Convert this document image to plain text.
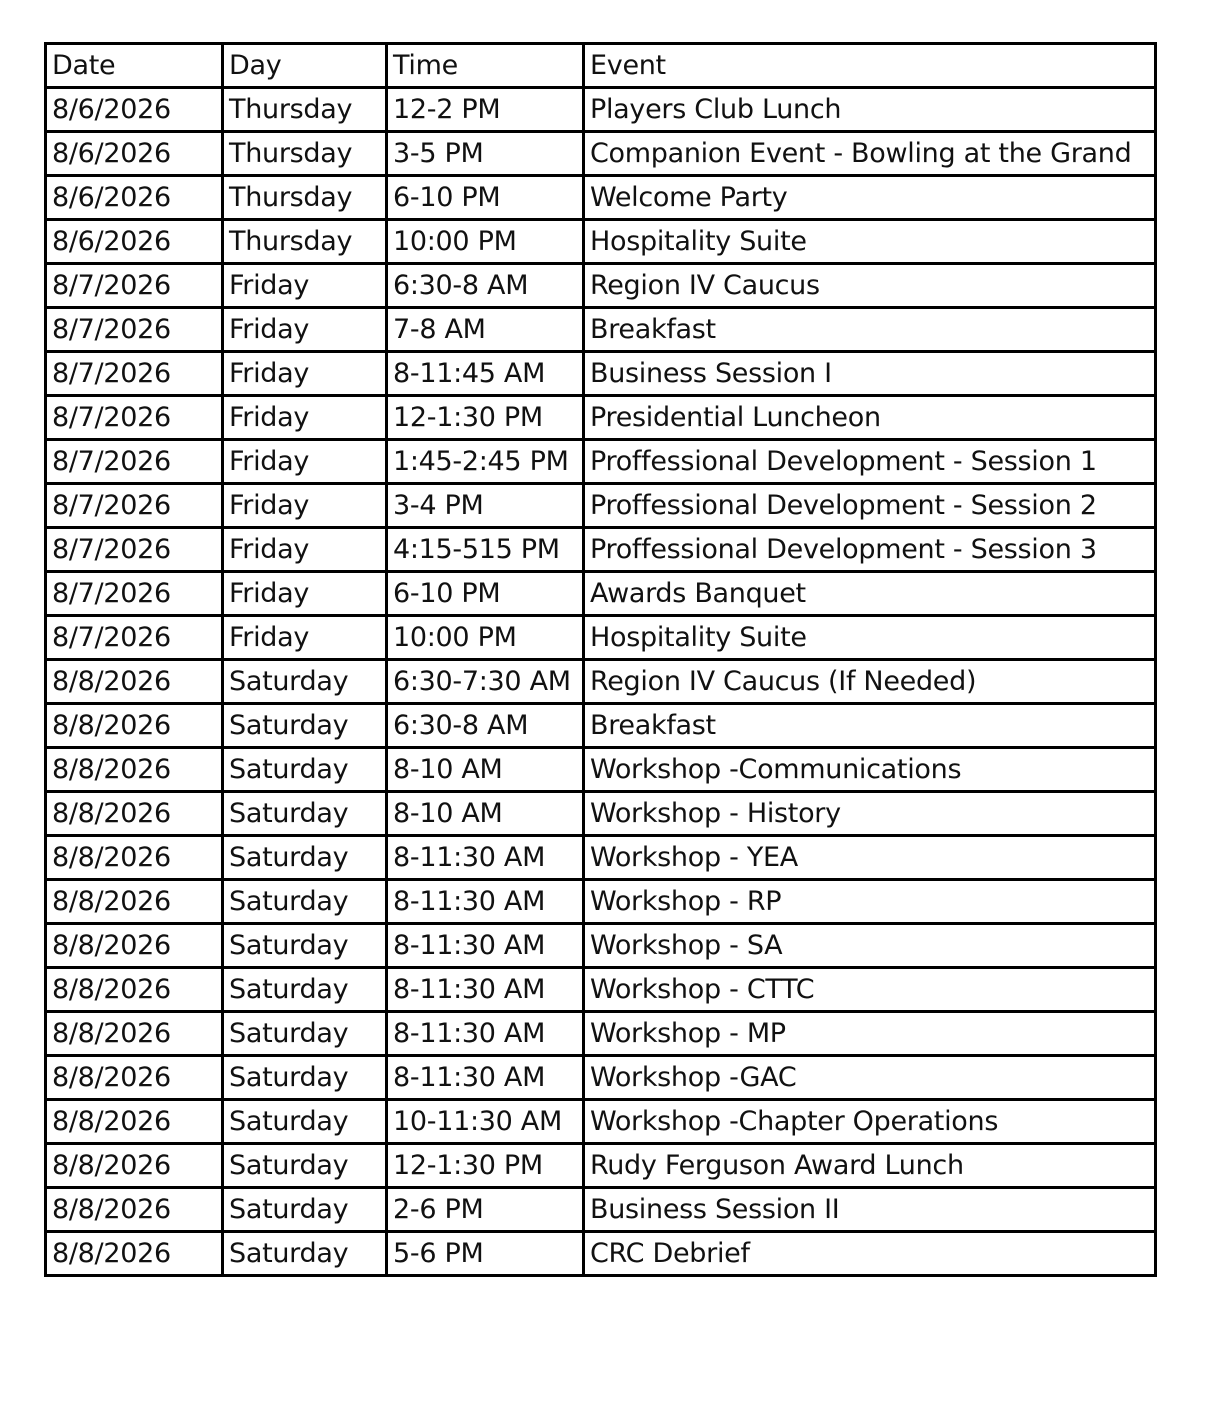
Date	Day	Time	Event
8/6/2026	Thursday	12-2 PM	Players Club Lunch
8/6/2026	Thursday	3-5 PM	Companion Event - Bowling at the Grand
8/6/2026	Thursday	6-10 PM	Welcome Party
8/6/2026	Thursday	10:00 PM	Hospitality Suite
8/7/2026	Friday	6:30-8 AM	Region IV Caucus
8/7/2026	Friday	7-8 AM	Breakfast
8/7/2026	Friday	8-11:45 AM	Business Session I
8/7/2026	Friday	12-1:30 PM	Presidential Luncheon
8/7/2026	Friday	1:45-2:45 PM	Proffessional Development - Session 1
8/7/2026	Friday	3-4 PM	Proffessional Development - Session 2
8/7/2026	Friday	4:15-515 PM	Proffessional Development - Session 3
8/7/2026	Friday	6-10 PM	Awards Banquet
8/7/2026	Friday	10:00 PM	Hospitality Suite
8/8/2026	Saturday	6:30-7:30 AM	Region IV Caucus (If Needed)
8/8/2026	Saturday	6:30-8 AM	Breakfast
8/8/2026	Saturday	8-10 AM	Workshop -Communications
8/8/2026	Saturday	8-10 AM	Workshop - History
8/8/2026	Saturday	8-11:30 AM	Workshop - YEA
8/8/2026	Saturday	8-11:30 AM	Workshop - RP
8/8/2026	Saturday	8-11:30 AM	Workshop - SA
8/8/2026	Saturday	8-11:30 AM	Workshop - CTTC
8/8/2026	Saturday	8-11:30 AM	Workshop - MP
8/8/2026	Saturday	8-11:30 AM	Workshop -GAC
8/8/2026	Saturday	10-11:30 AM	Workshop -Chapter Operations
8/8/2026	Saturday	12-1:30 PM	Rudy Ferguson Award Lunch
8/8/2026	Saturday	2-6 PM	Business Session II
8/8/2026	Saturday	5-6 PM	CRC Debrief
